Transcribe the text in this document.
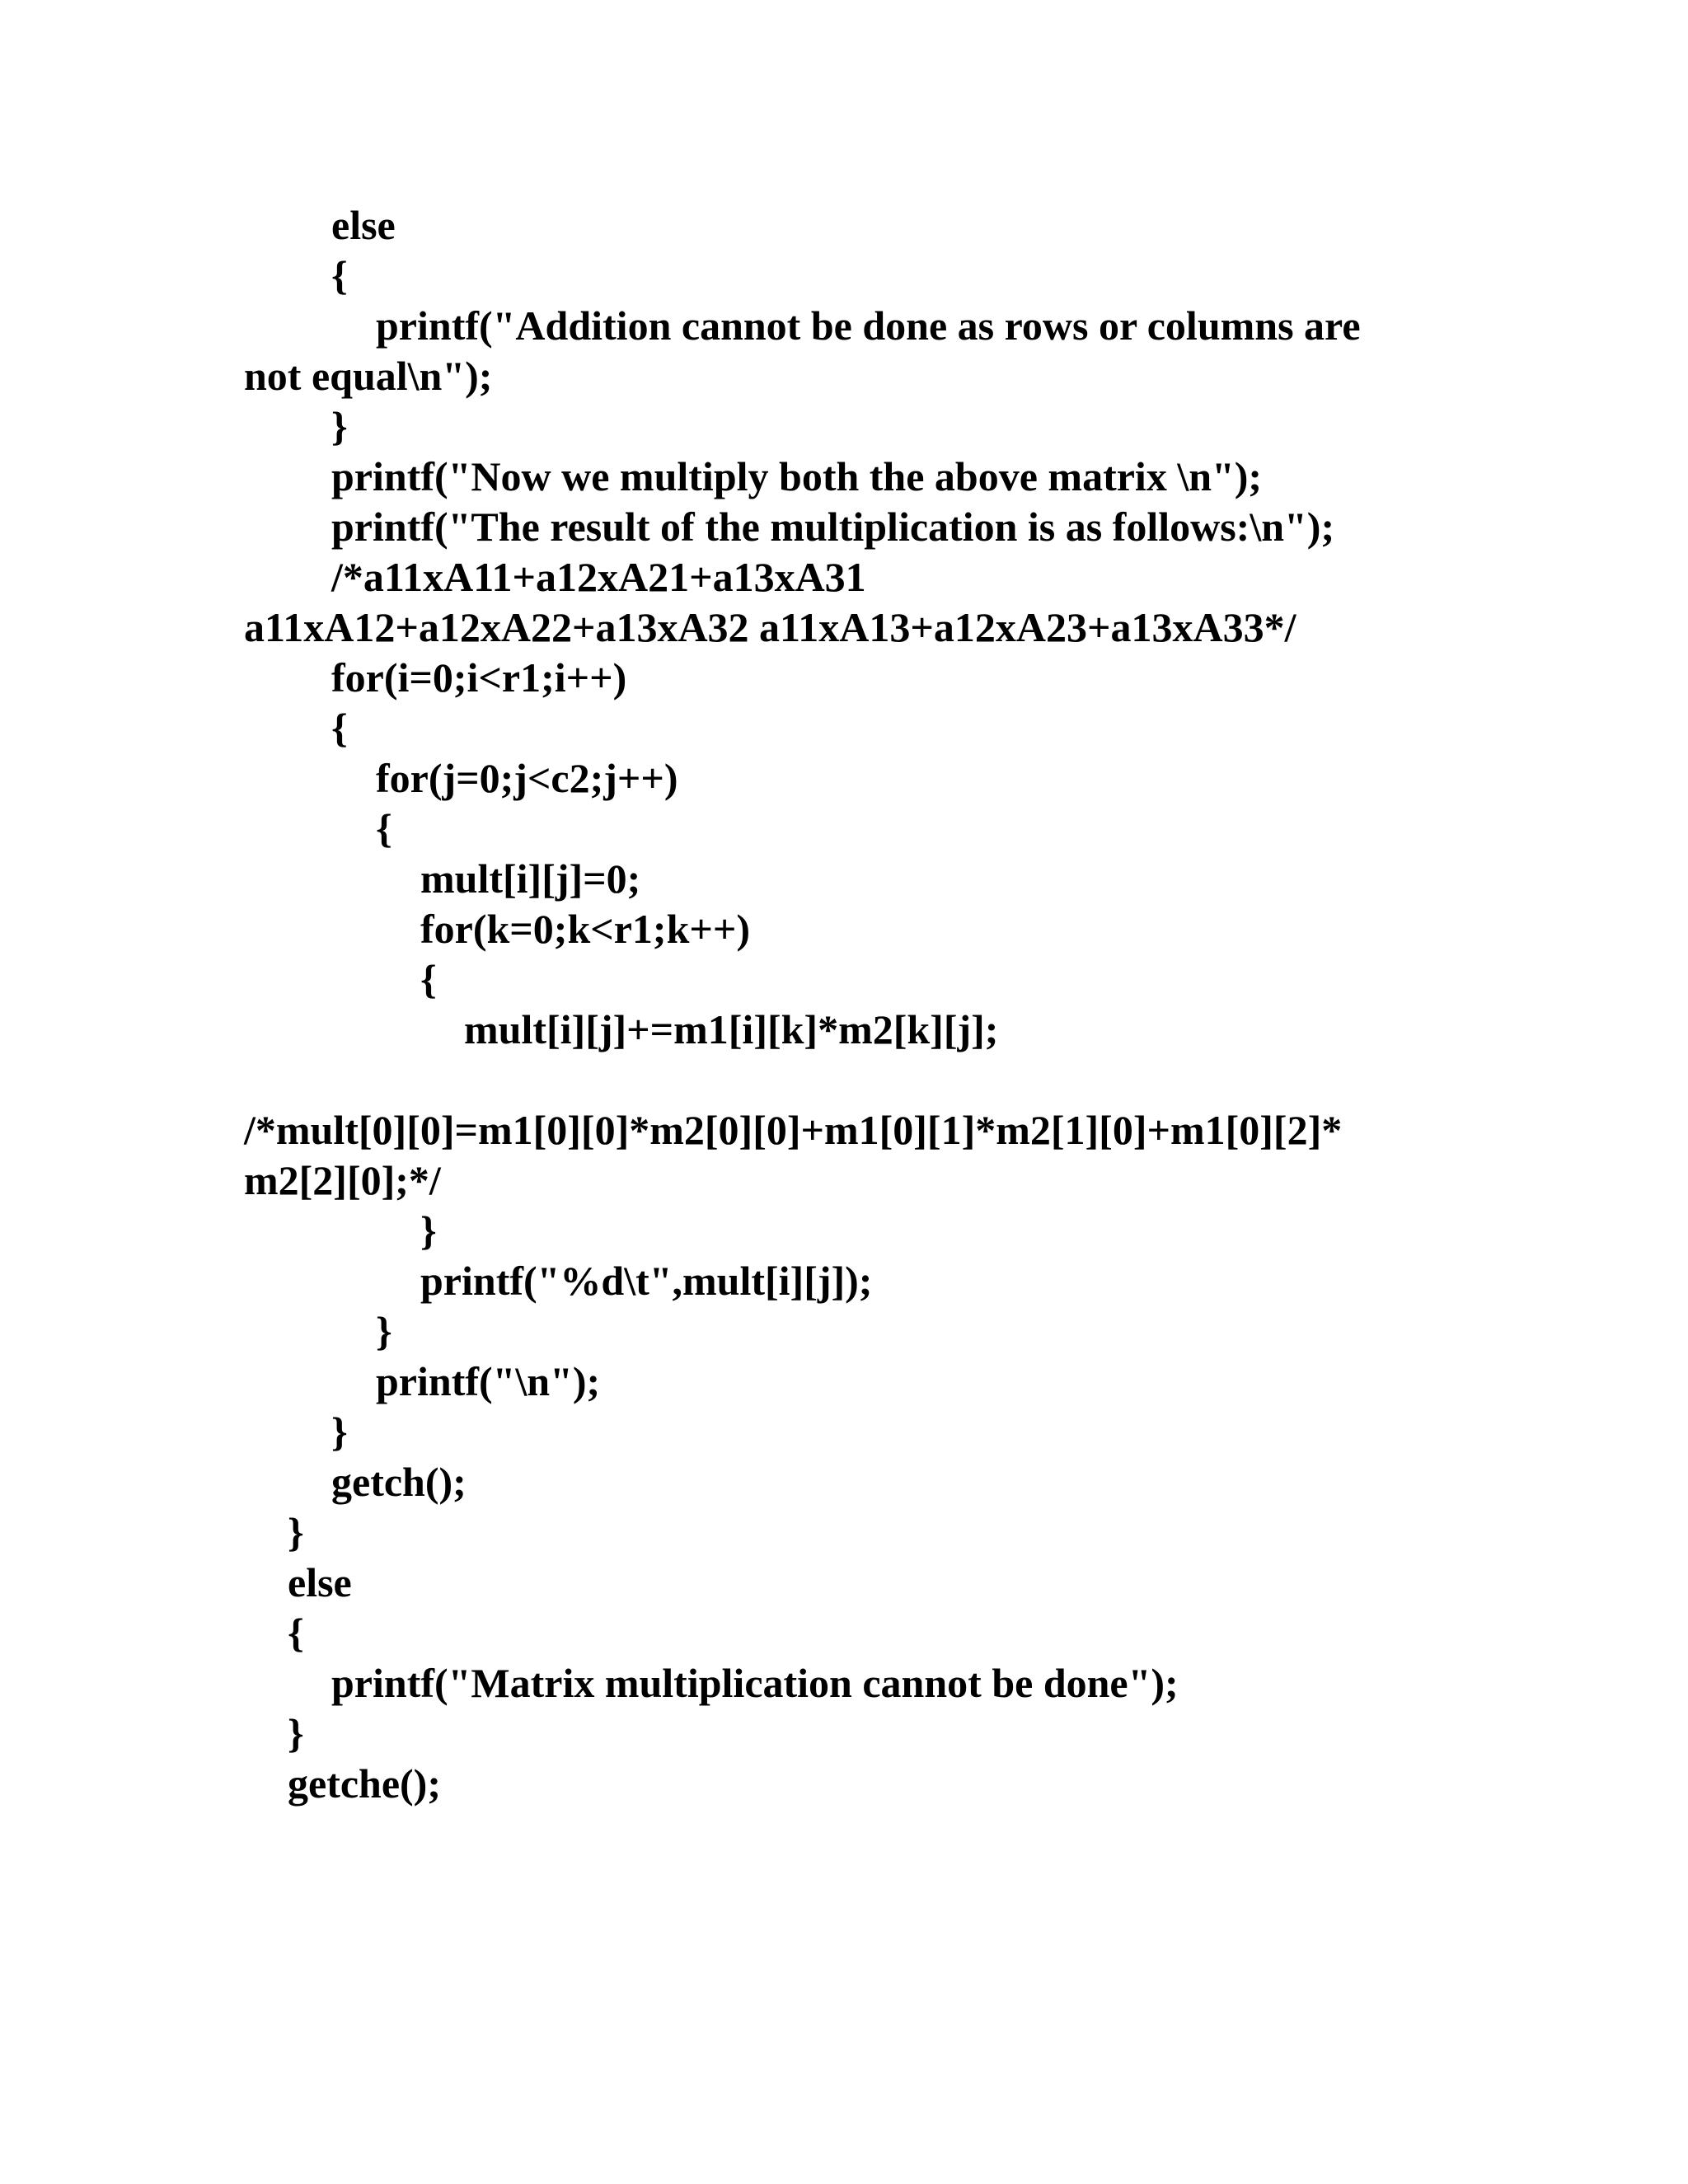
else
{
printf("Addition cannot be done as rows or columns are
not equal\n");
}
printf("Now we multiply both the above matrix \n");
printf("The result of the multiplication is as follows:\n");
/*a11xA11+a12xA21+a13xA31
a11xA12+a12xA22+a13xA32 a11xA13+a12xA23+a13xA33*/
for(i=0;i<r1;i++)
{
for(j=0;j<c2;j++)
{
mult[i][j]=0;
for(k=0;k<r1;k++)
{
mult[i][j]+=m1[i][k]*m2[k][j];
/*mult[0][0]=m1[0][0]*m2[0][0]+m1[0][1]*m2[1][0]+m1[0][2]*
m2[2][0];*/
}
printf("%d\t",mult[i][j]);
}
printf("\n");
}
getch();
}
else
{
printf("Matrix multiplication cannot be done");
}
getche();
